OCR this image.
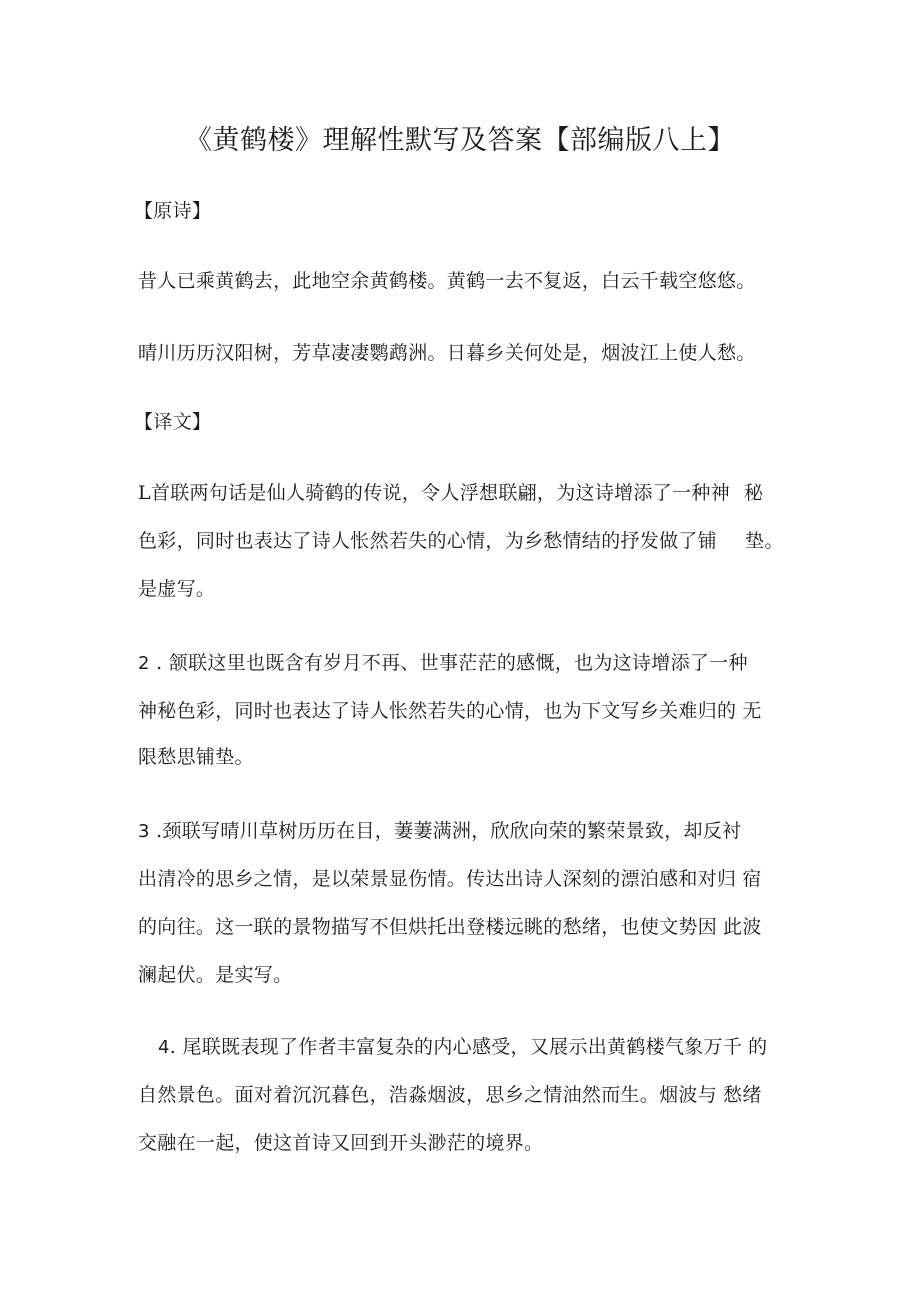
《黄鹤楼》理解性默写及答案【部编版八上】
【原诗】
昔人已乘黄鹤去，此地空余黄鹤楼。黄鹤一去不复返，白云千载空悠悠。
晴川历历汉阳树，芳草凄凄鹦鹉洲。日暮乡关何处是，烟波江上使人愁。
【译文】
L首联两句话是仙人骑鹤的传说，令人浮想联翩，为这诗增添了一种神 秘
色彩，同时也表达了诗人怅然若失的心情，为乡愁情结的抒发做了铺 垫。
是虚写。
2 . 颔联这里也既含有岁月不再、世事茫茫的感慨，也为这诗增添了一种
神秘色彩，同时也表达了诗人怅然若失的心情，也为下文写乡关难归的 无
限愁思铺垫。
3 .颈联写晴川草树历历在目，萋萋满洲，欣欣向荣的繁荣景致，却反衬
出清冷的思乡之情，是以荣景显伤情。传达出诗人深刻的漂泊感和对归 宿
的向往。这一联的景物描写不但烘托出登楼远眺的愁绪，也使文势因 此波
澜起伏。是实写。
4. 尾联既表现了作者丰富复杂的内心感受，又展示出黄鹤楼气象万千 的
自然景色。面对着沉沉暮色，浩淼烟波，思乡之情油然而生。烟波与 愁绪
交融在一起，使这首诗又回到开头渺茫的境界。
